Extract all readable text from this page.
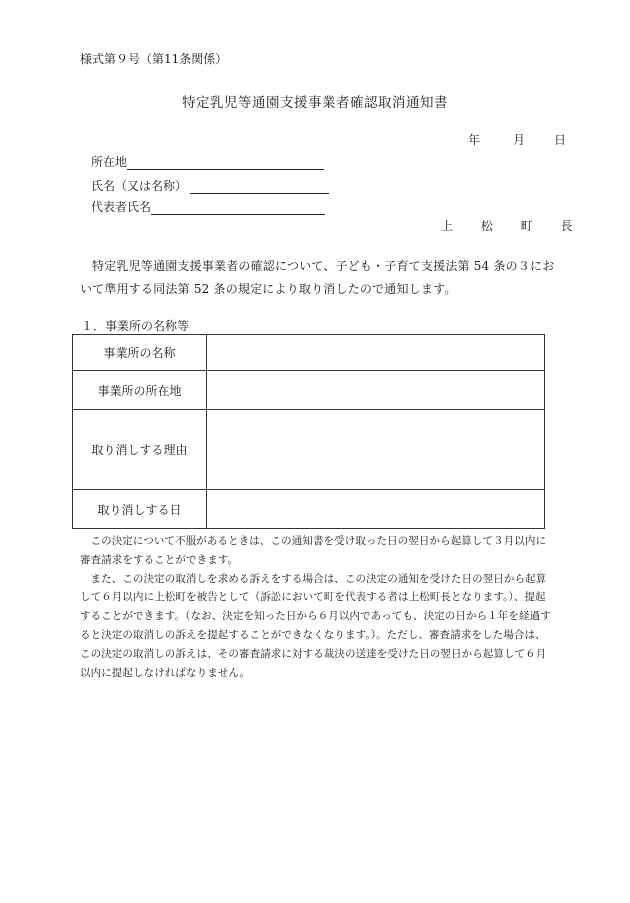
様式第９号（第11条関係）
特定乳児等通園支援事業者確認取消通知書
年	月 日
所在地
氏名（又は名称）
代表者氏名
上 松 町 長
特定乳児等通園支援事業者の確認について、子ども・子育て支援法第 54 条の３において準用する同法第 52 条の規定により取り消したので通知します。
１．事業所の名称等
事業所の名称	
事業所の所在地	
取り消しする理由	
取り消しする日	

この決定について不服があるときは、この通知書を受け取った日の翌日から起算して３月以内に審査請求をすることができます。

また、この決定の取消しを求める訴えをする場合は、この決定の通知を受けた日の翌日から起算して６月以内に上松町を被告として（訴訟において町を代表する者は上松町長となります。）、提起することができます。（なお、決定を知った日から６月以内であっても、決定の日から１年を経過すると決定の取消しの訴えを提起することができなくなります。）。ただし、審査請求をした場合は、この決定の取消しの訴えは、その審査請求に対する裁決の送達を受けた日の翌日から起算して６月以内に提起しなければなりません。
